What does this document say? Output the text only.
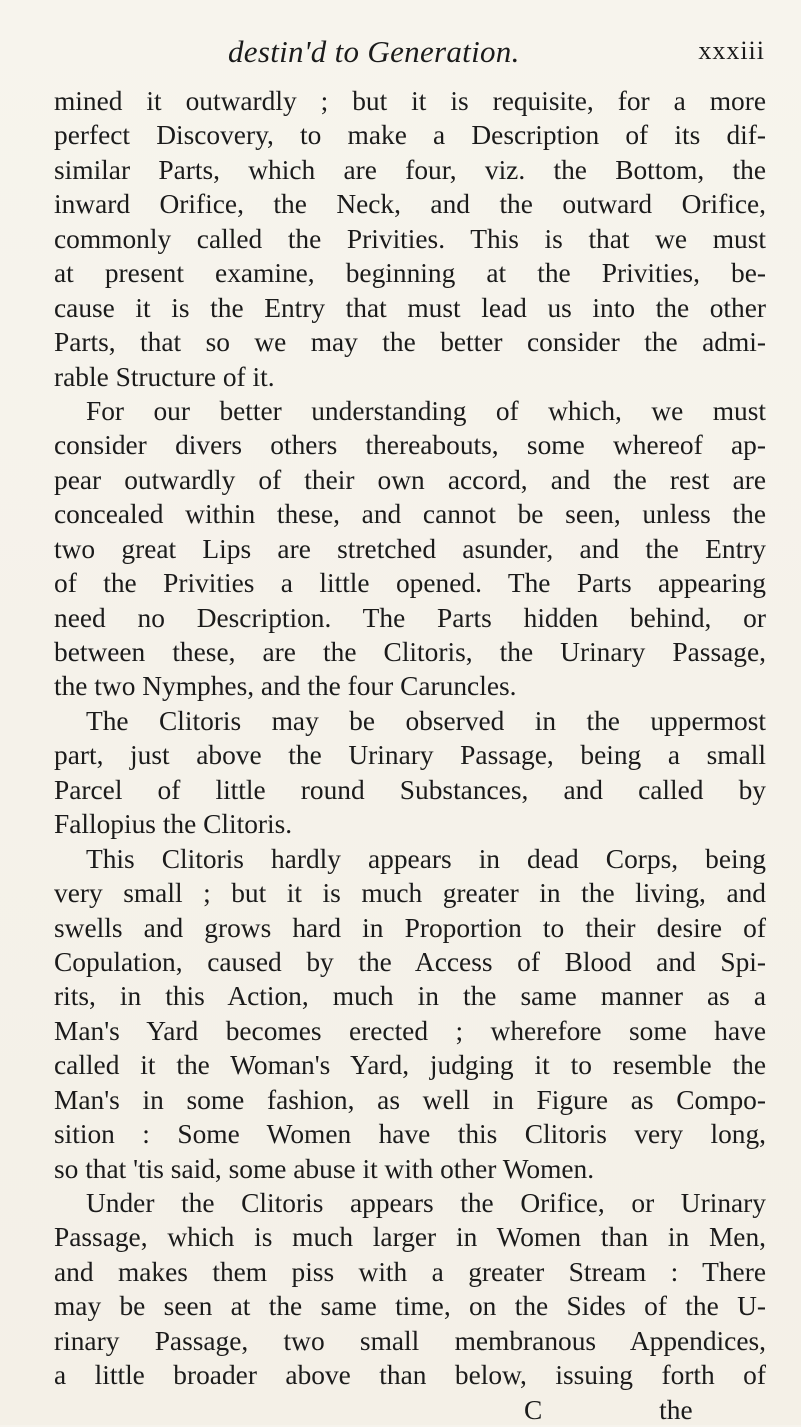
destin'd to Generation.	xxxiii
mined it outwardly ; but it is requisite, for a more
perfect Discovery, to make a Description of its dif-
similar Parts, which are four, viz. the Bottom, the
inward Orifice, the Neck, and the outward Orifice,
commonly called the Privities. This is that we must
at present examine, beginning at the Privities, be-
cause it is the Entry that must lead us into the other
Parts, that so we may the better consider the admi-
rable Structure of it.
For our better understanding of which, we must
consider divers others thereabouts, some whereof ap-
pear outwardly of their own accord, and the rest are
concealed within these, and cannot be seen, unless the
two great Lips are stretched asunder, and the Entry
of the Privities a little opened. The Parts appearing
need no Description. The Parts hidden behind, or
between these, are the Clitoris, the Urinary Passage,
the two Nymphes, and the four Caruncles.
The Clitoris may be observed in the uppermost
part, just above the Urinary Passage, being a small
Parcel of little round Substances, and called by
Fallopius the Clitoris.
This Clitoris hardly appears in dead Corps, being
very small ; but it is much greater in the living, and
swells and grows hard in Proportion to their desire of
Copulation, caused by the Access of Blood and Spi-
rits, in this Action, much in the same manner as a
Man's Yard becomes erected ; wherefore some have
called it the Woman's Yard, judging it to resemble the
Man's in some fashion, as well in Figure as Compo-
sition : Some Women have this Clitoris very long,
so that 'tis said, some abuse it with other Women.
Under the Clitoris appears the Orifice, or Urinary
Passage, which is much larger in Women than in Men,
and makes them piss with a greater Stream : There
may be seen at the same time, on the Sides of the U-
rinary Passage, two small membranous Appendices,
a little broader above than below, issuing forth of
C	the
